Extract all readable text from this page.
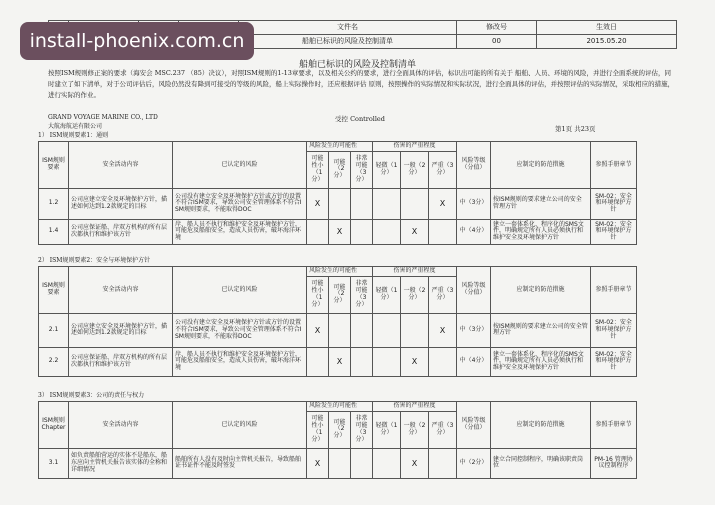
				文件名	修改号	生效日
				船舶已标识的风险及控制清单	00	2015.05.20
install-phoenix.com.cn
船舶已标识的风险及控制清单
按照ISM规则修正案的要求（海安会 MSC.237 （85）决议），对照ISM规则的1-13章要求，以及相关公约的要求，进行全面具体的评估，标识出可能的所有关于 船舶、人员、环境的风险，并进行全面系统的评估，同时建立了如下清单，对于公司评估后，风险仍然没有降到可接受的等级的风险，船上实际操作时，还应根据评估 原则，按照操作的实际情况和实际状况，进行全面具体的评估，并按照评估的实际情况，采取相应的措施，进行实际的作业。
GRAND VOYAGE MARINE CO., LTD
大航海航运有限公司
受控 Controlled
第1页 共23页
1） ISM规则要素1：通则
ISM规则要素	安全活动内容	已认定的风险	风险发生的可能性			伤害的严重程度			风险等级（分值）	应制定的防范措施	参照手册章节
			可能性小（1分）	可能（2分）	非常可能（3分）	轻微（1分）	一般（2分）	严重（3分）			
1.2	公司应建立安全及环境保护方针，描述如何达到1.2款规定的目标	公司没有建立安全及环境保护方针或方针的设置不符合ISM要求，导致公司安全管理体系不符合ISM规则要求，不能取得DOC	X					X	中（3分）	按ISM规则的要求建立公司的安全 管理方针	SM-02：安全和环境保护方针
1.4	公司应保证船、岸双方机构的所有层次都执行和维护该方针	岸、船人员不执行和维护安全及环境保护方针，可能危及船舶安全，造成人员伤害，破坏海洋环境		X			X		中（4分）	建立一套体系化、程序化的SMS文件，明确规定所有人员必须执行和维护安全及环境保护方针	SM-02：安全和环境保护方针
2） ISM规则要素2：安全与环境保护方针
ISM规则要素	安全活动内容	已认定的风险	风险发生的可能性			伤害的严重程度			风险等级（分值）	应制定的防范措施	参照手册章节
			可能性小（1分）	可能（2分）	非常可能（3分）	轻微（1分）	一般（2分）	严重（3分）			
2.1	公司应建立安全及环境保护方针，描述如何达到1.2款规定的目标	公司没有建立安全及环境保护方针或方针的设置不符合ISM要求，导致公司安全管理体系不符合ISM规则要求，不能取得DOC	X					X	中（3分）	按ISM规则的要求建立公司的安全管理方针	SM-02：安全和环境保护方针
2.2	公司应保证船、岸双方机构的所有层次都执行和维护该方针	岸、船人员不执行和维护安全及环境保护方针，可能危及船舶安全，造成人员伤害，破坏海洋环境		X			X		中（4分）	建立一套体系化、程序化的SMS文件，明确规定所有人员必须执行和维护安全及环境保护方针	SM-02：安全和环境保护方针
3） ISM规则要素3：公司的责任与权力
ISM规则 Chapter	安全活动内容	已认定的风险	风险发生的可能性			伤害的严重程度			风险等级（分值）	应制定的防范措施	参照手册章节
			可能性小（1分）	可能（2分）	非常可能（3分）	轻微（1分）	一般（2分）	严重（3分）			
3.1	如负责船舶营运的实体不是船东，船东应向主管机关报告该实体的全称和详细情况	船舶所有人没有及时向主管机关报告，导致船舶证书证件不能及时签发	X				X		中（2分）	建立合同控制程序，明确该职责岗位	PM-16 管理协议控制程序
